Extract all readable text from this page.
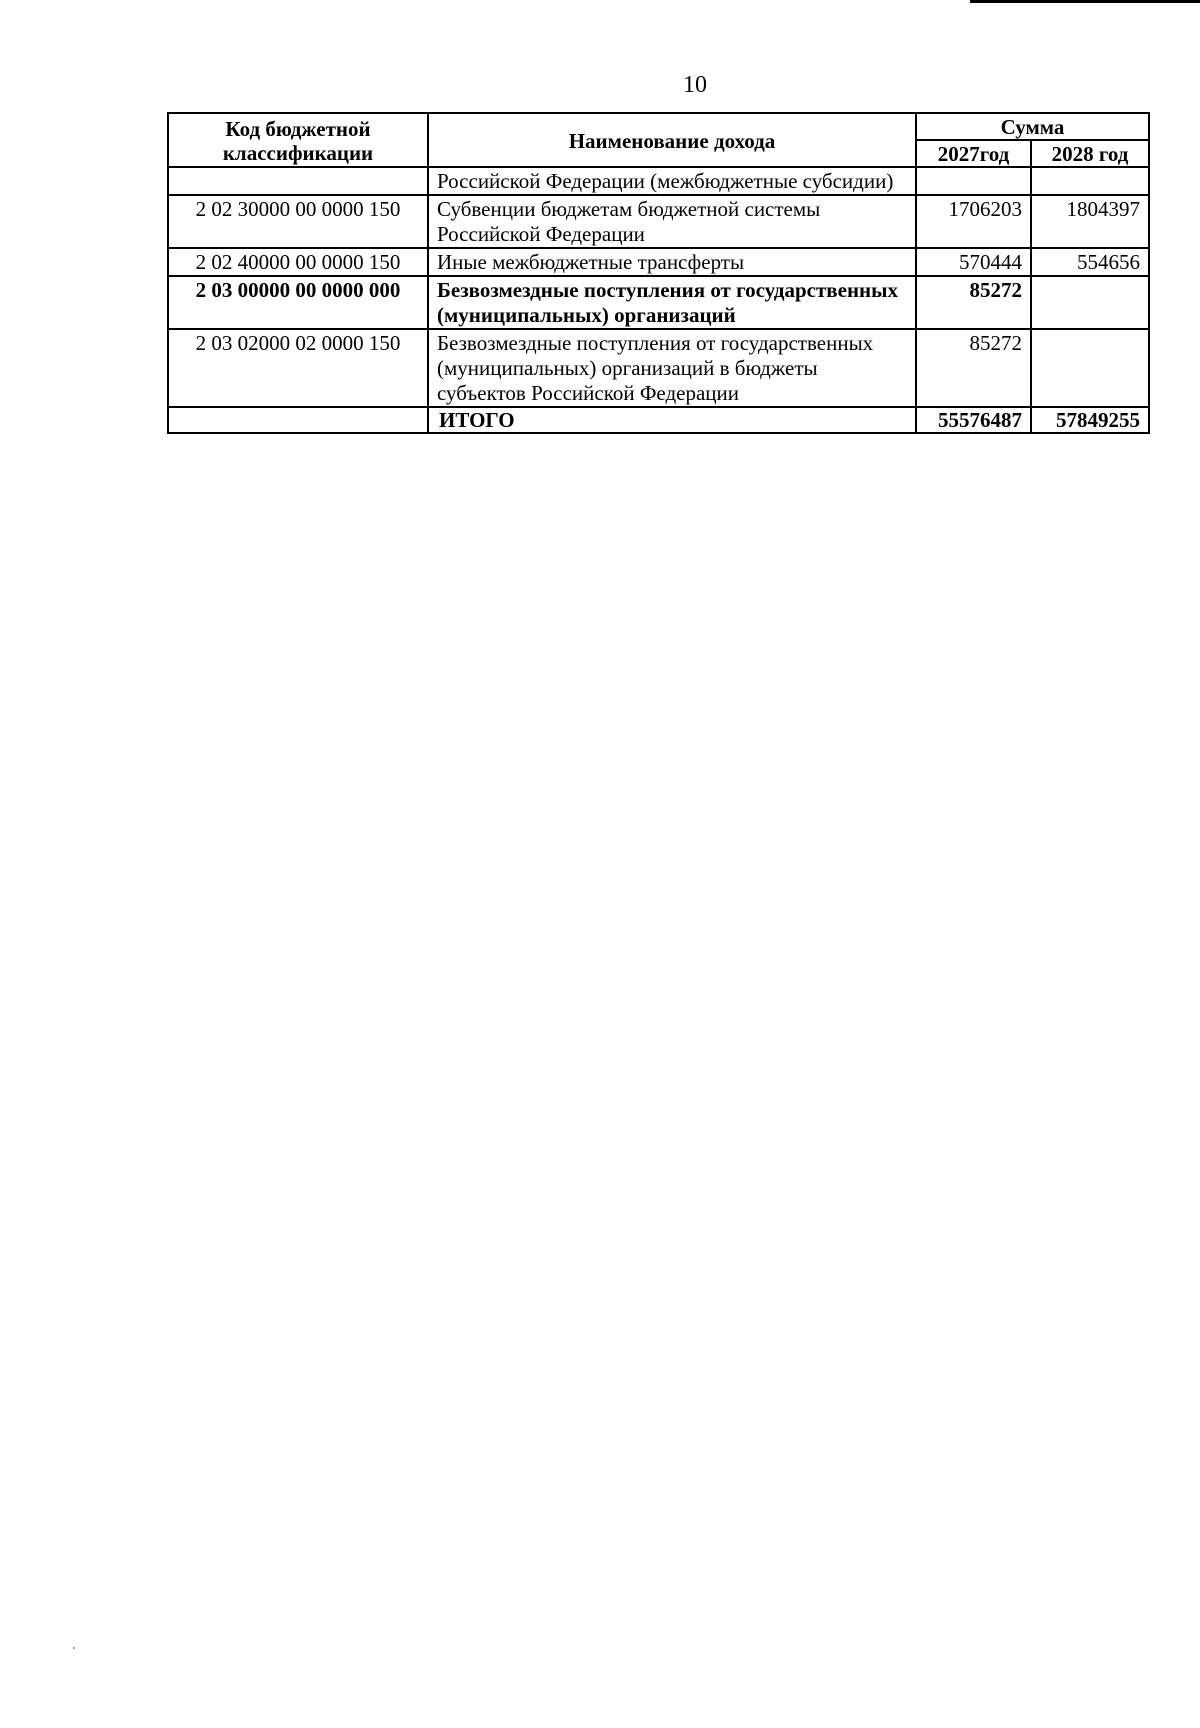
10
Код бюджетной классификации	Наименование дохода	Сумма	
		2027год	2028 год
	Российской Федерации (межбюджетные субсидии)		
2 02 30000 00 0000 150	Субвенции бюджетам бюджетной системы Российской Федерации	1706203	1804397
2 02 40000 00 0000 150	Иные межбюджетные трансферты	570444	554656
2 03 00000 00 0000 000	Безвозмездные поступления от государственных (муниципальных) организаций	85272	
2 03 02000 02 0000 150	Безвозмездные поступления от государственных (муниципальных) организаций в бюджеты субъектов Российской Федерации	85272	
	ИТОГО	55576487	57849255
